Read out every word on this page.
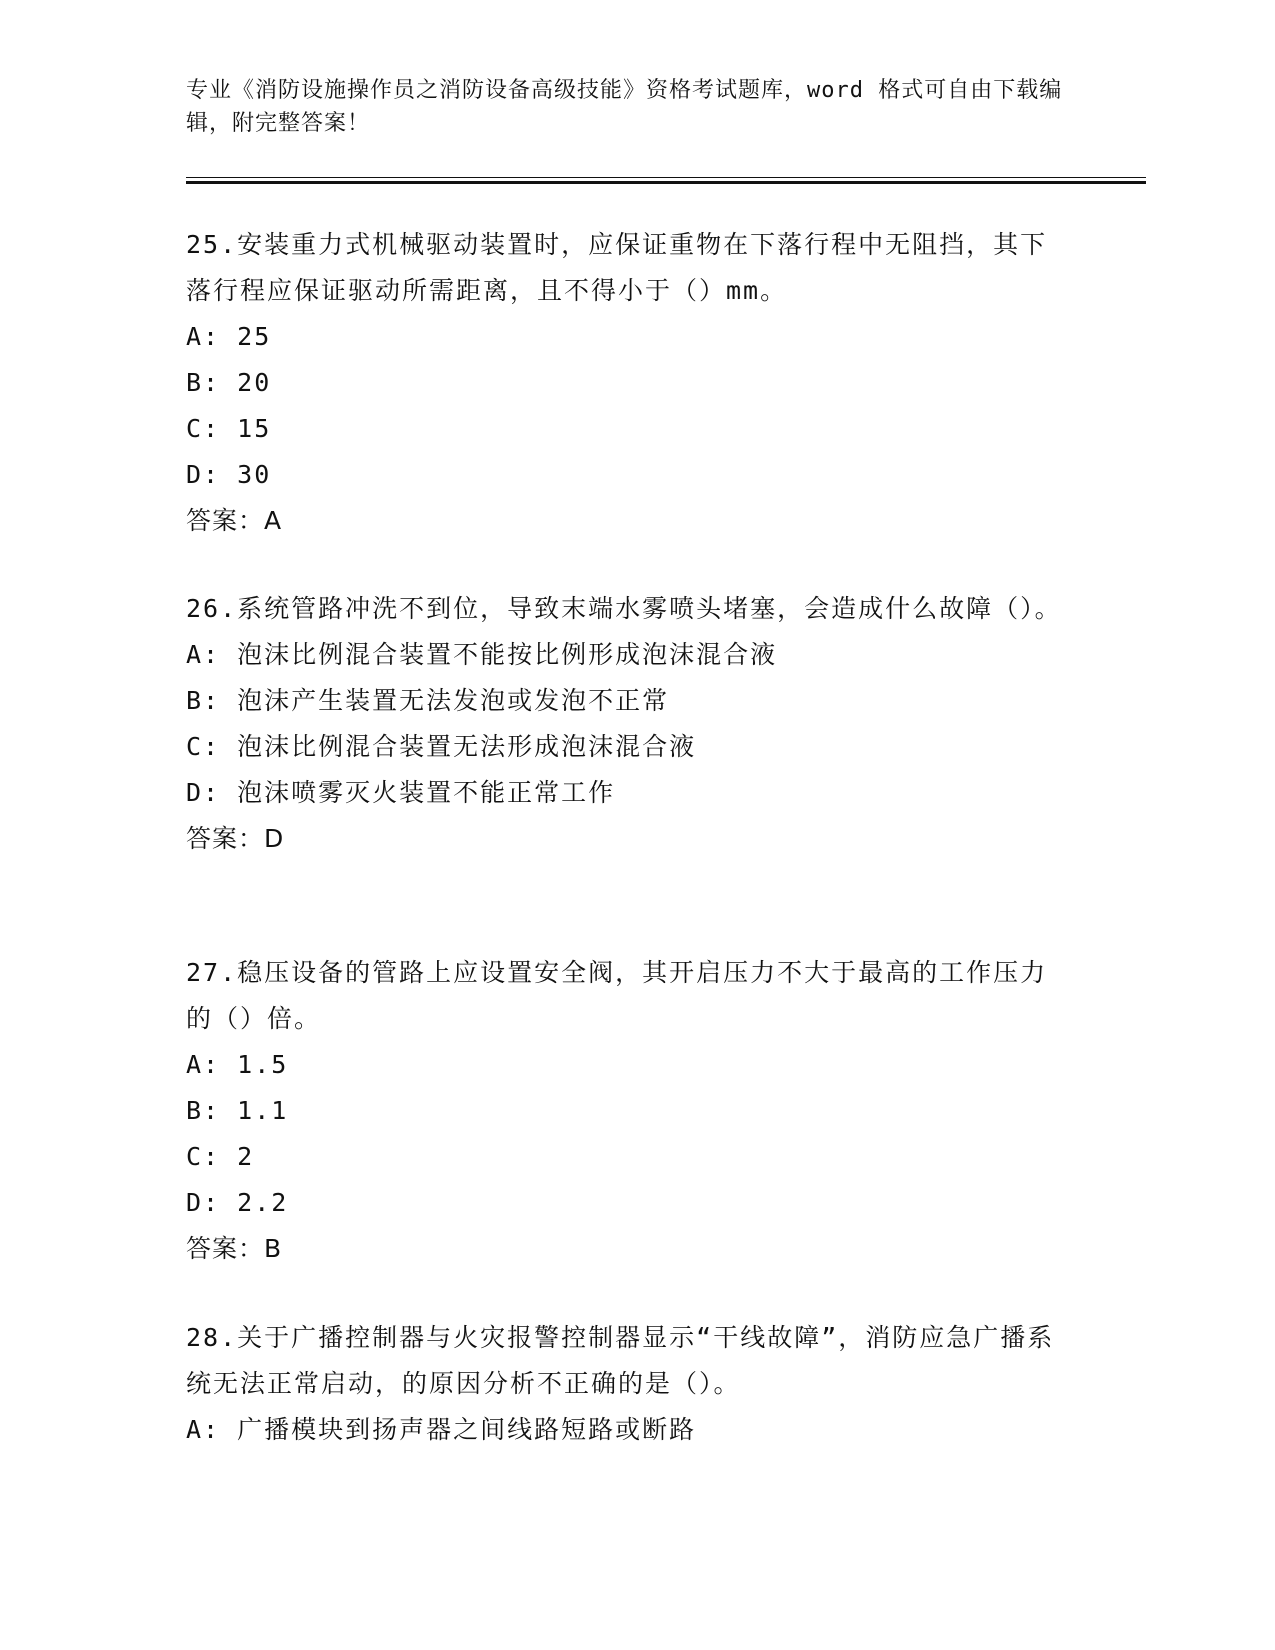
专业《消防设施操作员之消防设备高级技能》资格考试题库，word 格式可自由下载编辑，附完整答案！
25.安装重力式机械驱动装置时，应保证重物在下落行程中无阻挡，其下落行程应保证驱动所需距离，且不得小于（）mm。
A: 25
B: 20
C: 15
D: 30
答案：A
26.系统管路冲洗不到位，导致末端水雾喷头堵塞，会造成什么故障（）。
A: 泡沫比例混合装置不能按比例形成泡沫混合液
B: 泡沫产生装置无法发泡或发泡不正常
C: 泡沫比例混合装置无法形成泡沫混合液
D: 泡沫喷雾灭火装置不能正常工作
答案：D
27.稳压设备的管路上应设置安全阀，其开启压力不大于最高的工作压力的（）倍。
A: 1.5
B: 1.1
C: 2
D: 2.2
答案：B
28.关于广播控制器与火灾报警控制器显示“干线故障”，消防应急广播系统无法正常启动，的原因分析不正确的是（）。
A: 广播模块到扬声器之间线路短路或断路
